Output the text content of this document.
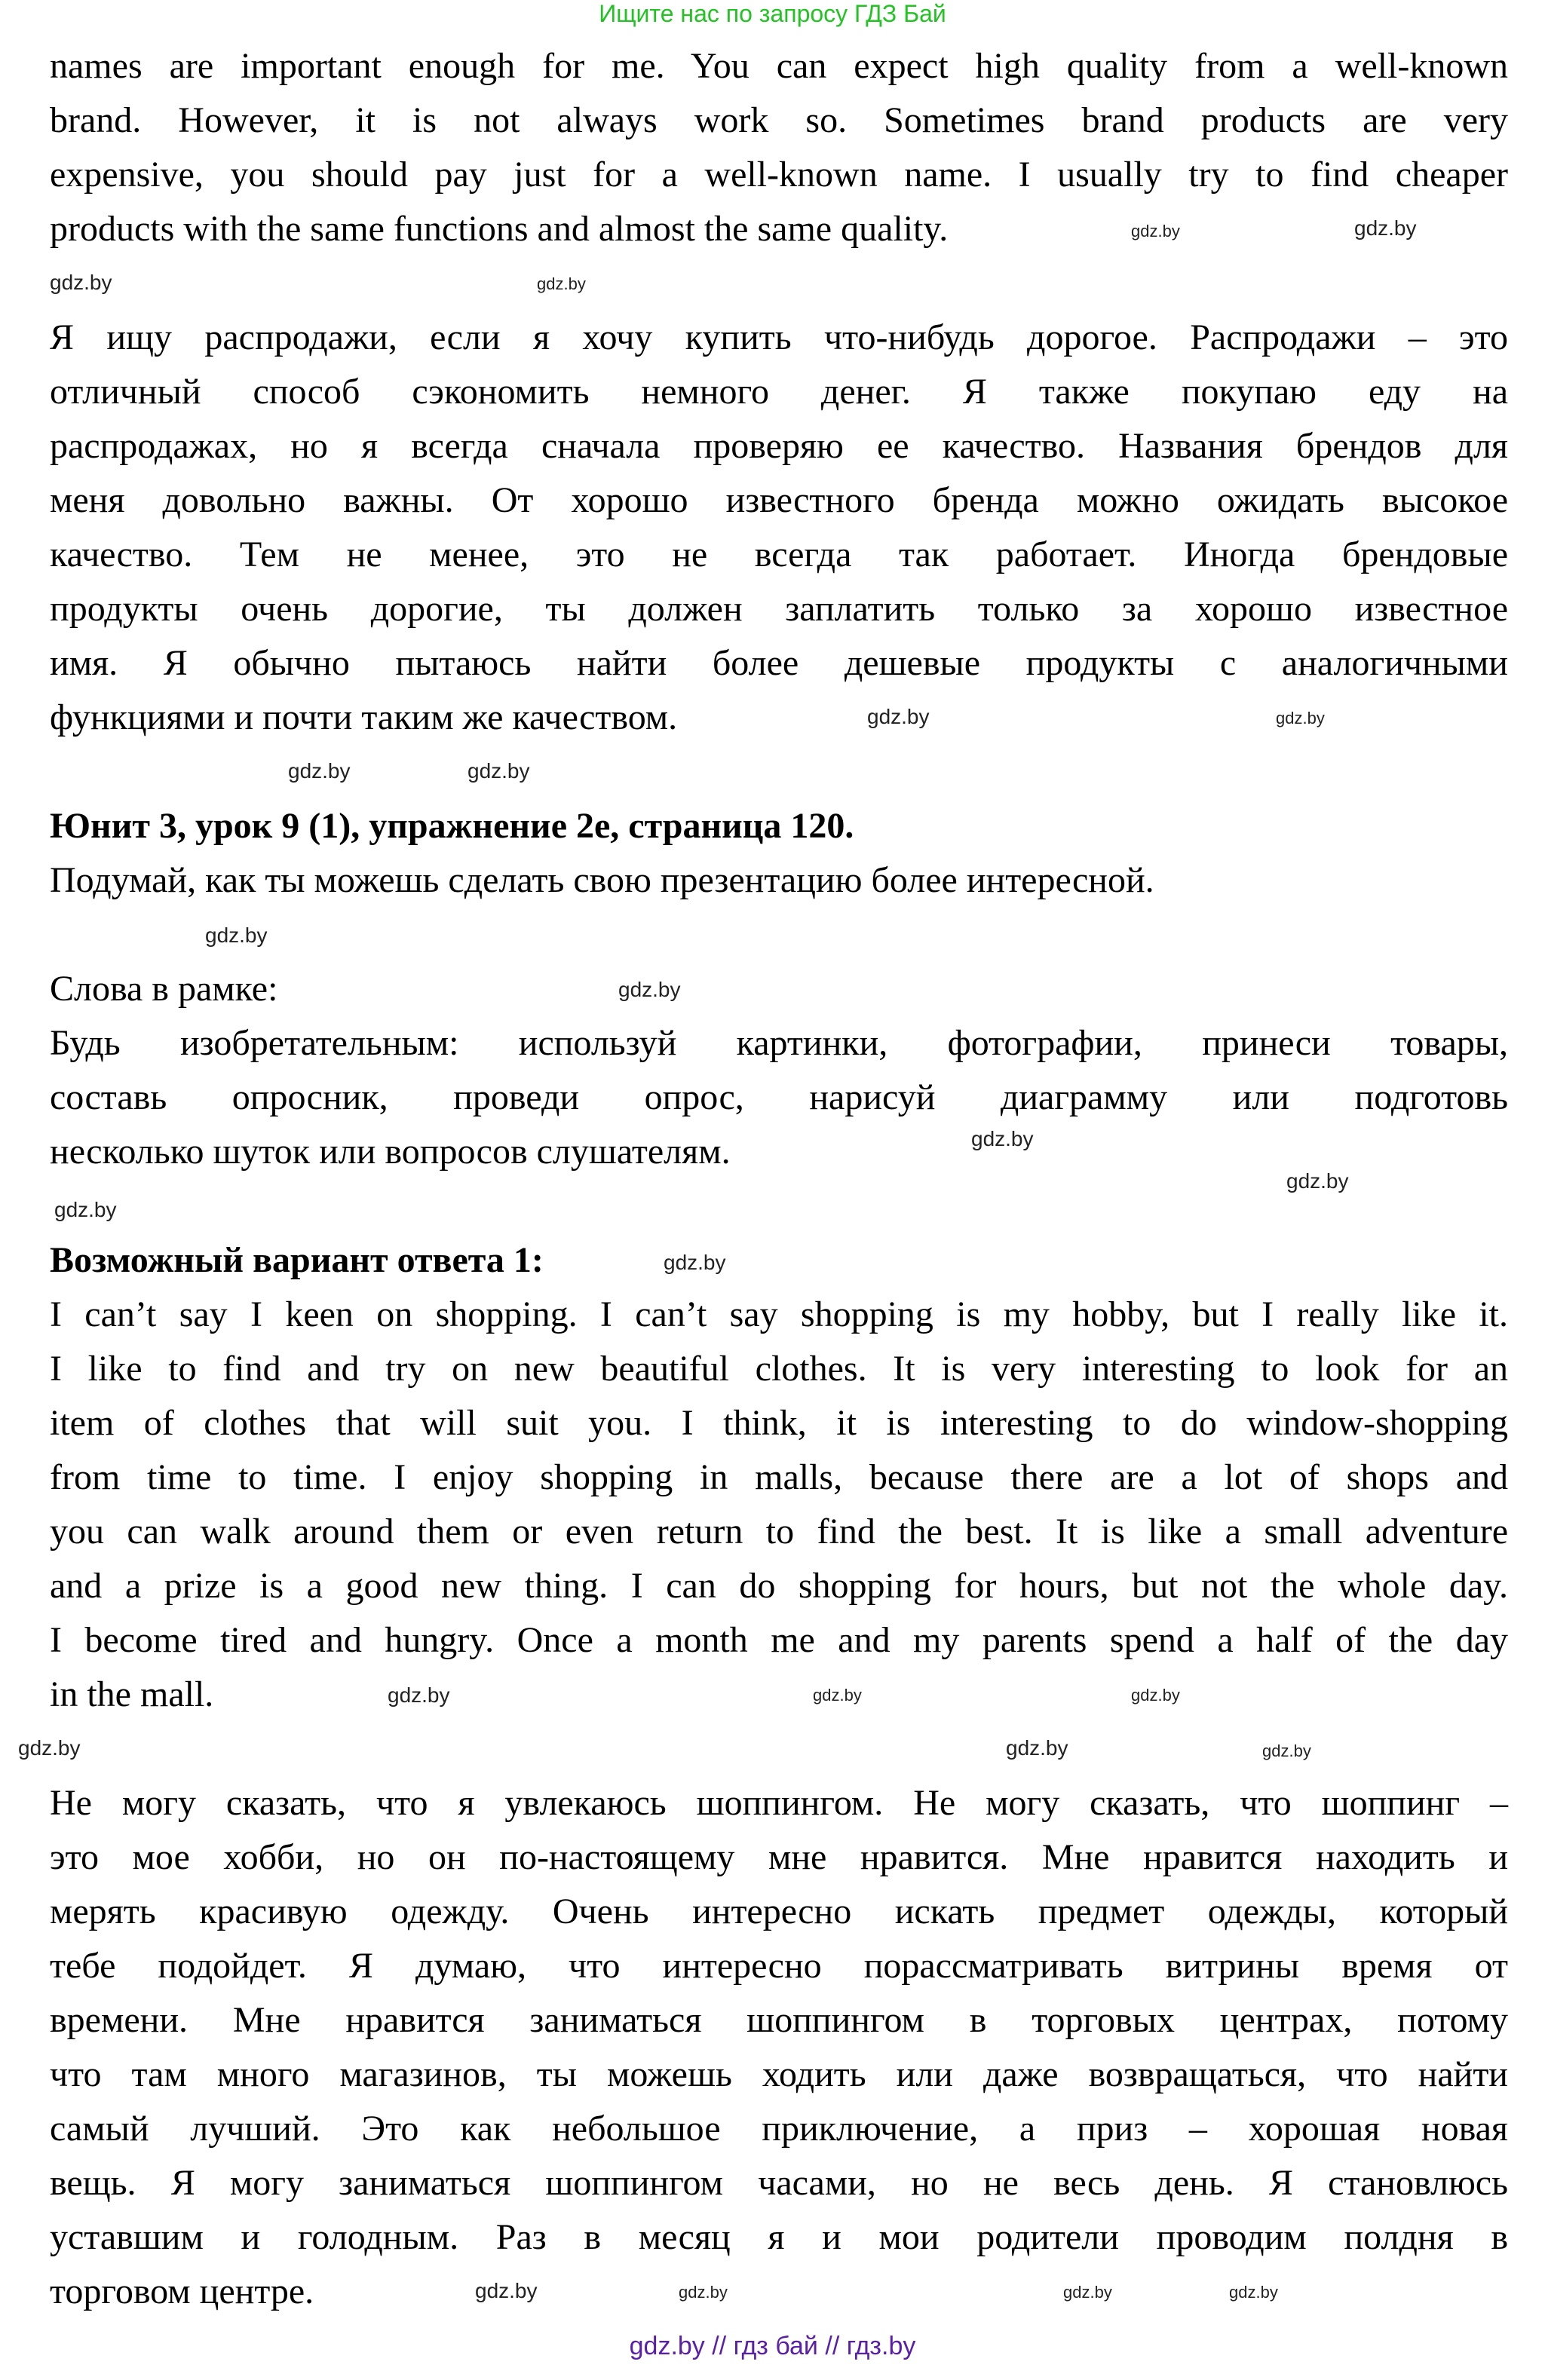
Ищите нас по запросу ГДЗ Бай
names are important enough for me. You can expect high quality from a well-known
brand. However, it is not always work so. Sometimes brand products are very
expensive, you should pay just for a well-known name. I usually try to find cheaper
products with the same functions and almost the same quality.
Я ищу распродажи, если я хочу купить что-нибудь дорогое. Распродажи – это
отличный способ сэкономить немного денег. Я также покупаю еду на
распродажах, но я всегда сначала проверяю ее качество. Названия брендов для
меня довольно важны. От хорошо известного бренда можно ожидать высокое
качество. Тем не менее, это не всегда так работает. Иногда брендовые
продукты очень дорогие, ты должен заплатить только за хорошо известное
имя. Я обычно пытаюсь найти более дешевые продукты с аналогичными
функциями и почти таким же качеством.
Юнит 3, урок 9 (1), упражнение 2е, страница 120.
Подумай, как ты можешь сделать свою презентацию более интересной.
Слова в рамке:
Будь изобретательным: используй картинки, фотографии, принеси товары,
составь опросник, проведи опрос, нарисуй диаграмму или подготовь
несколько шуток или вопросов слушателям.
Возможный вариант ответа 1:
I can’t say I keen on shopping. I can’t say shopping is my hobby, but I really like it.
I like to find and try on new beautiful clothes. It is very interesting to look for an
item of clothes that will suit you. I think, it is interesting to do window-shopping
from time to time. I enjoy shopping in malls, because there are a lot of shops and
you can walk around them or even return to find the best. It is like a small adventure
and a prize is a good new thing. I can do shopping for hours, but not the whole day.
I become tired and hungry. Once a month me and my parents spend a half of the day
in the mall.
Не могу сказать, что я увлекаюсь шоппингом. Не могу сказать, что шоппинг –
это мое хобби, но он по-настоящему мне нравится. Мне нравится находить и
мерять красивую одежду. Очень интересно искать предмет одежды, который
тебе подойдет. Я думаю, что интересно порассматривать витрины время от
времени. Мне нравится заниматься шоппингом в торговых центрах, потому
что там много магазинов, ты можешь ходить или даже возвращаться, что найти
самый лучший. Это как небольшое приключение, а приз – хорошая новая
вещь. Я могу заниматься шоппингом часами, но не весь день. Я становлюсь
уставшим и голодным. Раз в месяц я и мои родители проводим полдня в
торговом центре.
gdz.by	gdz.by
gdz.by	gdz.by
gdz.by
gdz.by
gdz.by
gdz.by
gdz.by
gdz.by
gdz.by
gdz.by
gdz.by
gdz.by
gdz.by
gdz.by
gdz.by
gdz.by
gdz.by	gdz.by
gdz.by
gdz.by
gdz.by
gdz.by
gdz.by // гдз бай // гдз.by
